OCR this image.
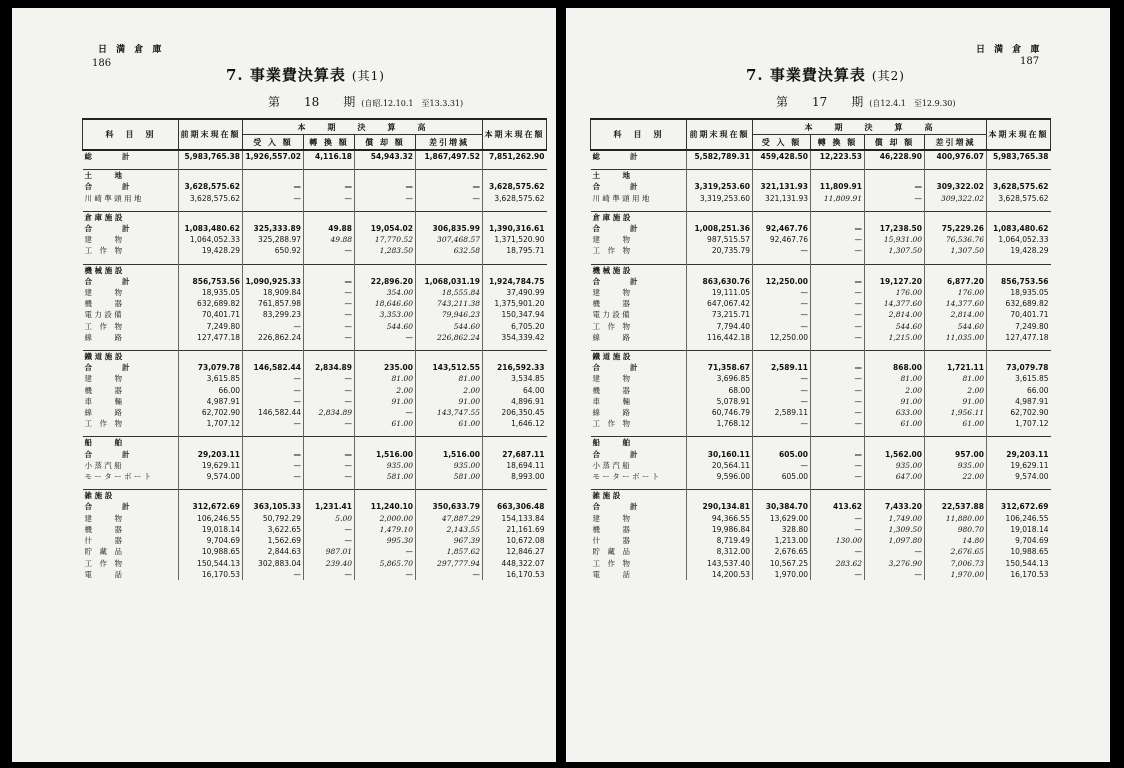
日 満 倉 庫
186
7. 事業費決算表 (其1)
第　　18　　期 (自昭.12.10.1　至13.3.31)
科　目　別	前期末現在額	本　　期　　決　　算　　高				本期末現在額
		受 入 額	轉 換 額	償 却 額	差引増減	
総　　　　計	5,983,765.38	1,926,557.02	4,116.18	54,943.32	1,867,497.52	7,851,262.90

土　　　地						
合　　　　計	3,628,575.62	—	—	—	—	3,628,575.62
川 崎 準 頭 用 地	3,628,575.62	—	—	—	—	3,628,575.62

倉 庫 施 設						
合　　　　計	1,083,480.62	325,333.89	49.88	19,054.02	306,835.99	1,390,316.61
建　　　物	1,064,052.33	325,288.97	49.88	17,770.52	307,468.57	1,371,520.90
工　作　物	19,428.29	650.92	—	1,283.50	632.58	18,795.71

機 械 施 設						
合　　　　計	856,753.56	1,090,925.33	—	22,896.20	1,068,031.19	1,924,784.75
建　　　物	18,935.05	18,909.84	—	354.00	18,555.84	37,490.99
機　　　器	632,689.82	761,857.98	—	18,646.60	743,211.38	1,375,901.20
電 力 設 備	70,401.71	83,299.23	—	3,353.00	79,946.23	150,347.94
工　作　物	7,249.80	—	—	544.60	544.60	6,705.20
線　　　路	127,477.18	226,862.24	—	—	226,862.24	354,339.42

鐵 道 施 設						
合　　　　計	73,079.78	146,582.44	2,834.89	235.00	143,512.55	216,592.33
建　　　物	3,615.85	—	—	81.00	81.00	3,534.85
機　　　器	66.00	—	—	2.00	2.00	64.00
車　　　輛	4,987.91	—	—	91.00	91.00	4,896.91
線　　　路	62,702.90	146,582.44	2,834.89	—	143,747.55	206,350.45
工　作　物	1,707.12	—	—	61.00	61.00	1,646.12

船　　　舶						
合　　　　計	29,203.11	—	—	1,516.00	1,516.00	27,687.11
小 蒸 汽 船	19,629.11	—	—	935.00	935.00	18,694.11
モ ー タ ー ボ ー ト	9,574.00	—	—	581.00	581.00	8,993.00

雑 施 設						
合　　　　計	312,672.69	363,105.33	1,231.41	11,240.10	350,633.79	663,306.48
建　　　物	106,246.55	50,792.29	5.00	2,000.00	47,887.29	154,133.84
機　　　器	19,018.14	3,622.65	—	1,479.10	2,143.55	21,161.69
什　　　器	9,704.69	1,562.69	—	995.30	967.39	10,672.08
貯　藏　品	10,988.65	2,844.63	987.01	—	1,857.62	12,846.27
工　作　物	150,544.13	302,883.04	239.40	5,865.70	297,777.94	448,322.07
電　　　話	16,170.53	—	—	—	—	16,170.53
日 満 倉 庫
187
7. 事業費決算表 (其2)
第　　17　　期 (自12.4.1　至12.9.30)
科　目　別	前期末現在額	本　　期　　決　　算　　高				本期末現在額
		受 入 額	轉 換 額	償 却 額	差引増減	
総　　　　計	5,582,789.31	459,428.50	12,223.53	46,228.90	400,976.07	5,983,765.38

土　　　地						
合　　　　計	3,319,253.60	321,131.93	11,809.91	—	309,322.02	3,628,575.62
川 崎 準 頭 用 地	3,319,253.60	321,131.93	11,809.91	—	309,322.02	3,628,575.62

倉 庫 施 設						
合　　　　計	1,008,251.36	92,467.76	—	17,238.50	75,229.26	1,083,480.62
建　　　物	987,515.57	92,467.76	—	15,931.00	76,536.76	1,064,052.33
工　作　物	20,735.79	—	—	1,307.50	1,307.50	19,428.29

機 械 施 設						
合　　　　計	863,630.76	12,250.00	—	19,127.20	6,877.20	856,753.56
建　　　物	19,111.05	—	—	176.00	176.00	18,935.05
機　　　器	647,067.42	—	—	14,377.60	14,377.60	632,689.82
電 力 設 備	73,215.71	—	—	2,814.00	2,814.00	70,401.71
工　作　物	7,794.40	—	—	544.60	544.60	7,249.80
線　　　路	116,442.18	12,250.00	—	1,215.00	11,035.00	127,477.18

鐵 道 施 設						
合　　　　計	71,358.67	2,589.11	—	868.00	1,721.11	73,079.78
建　　　物	3,696.85	—	—	81.00	81.00	3,615.85
機　　　器	68.00	—	—	2.00	2.00	66.00
車　　　輛	5,078.91	—	—	91.00	91.00	4,987.91
線　　　路	60,746.79	2,589.11	—	633.00	1,956.11	62,702.90
工　作　物	1,768.12	—	—	61.00	61.00	1,707.12

船　　　舶						
合　　　　計	30,160.11	605.00	—	1,562.00	957.00	29,203.11
小 蒸 汽 船	20,564.11	—	—	935.00	935.00	19,629.11
モ ー タ ー ボ ー ト	9,596.00	605.00	—	647.00	22.00	9,574.00

雑 施 設						
合　　　　計	290,134.81	30,384.70	413.62	7,433.20	22,537.88	312,672.69
建　　　物	94,366.55	13,629.00	—	1,749.00	11,880.00	106,246.55
機　　　器	19,986.84	328.80	—	1,309.50	980.70	19,018.14
什　　　器	8,719.49	1,213.00	130.00	1,097.80	14.80	9,704.69
貯　藏　品	8,312.00	2,676.65	—	—	2,676.65	10,988.65
工　作　物	143,537.40	10,567.25	283.62	3,276.90	7,006.73	150,544.13
電　　　話	14,200.53	1,970.00	—	—	1,970.00	16,170.53
